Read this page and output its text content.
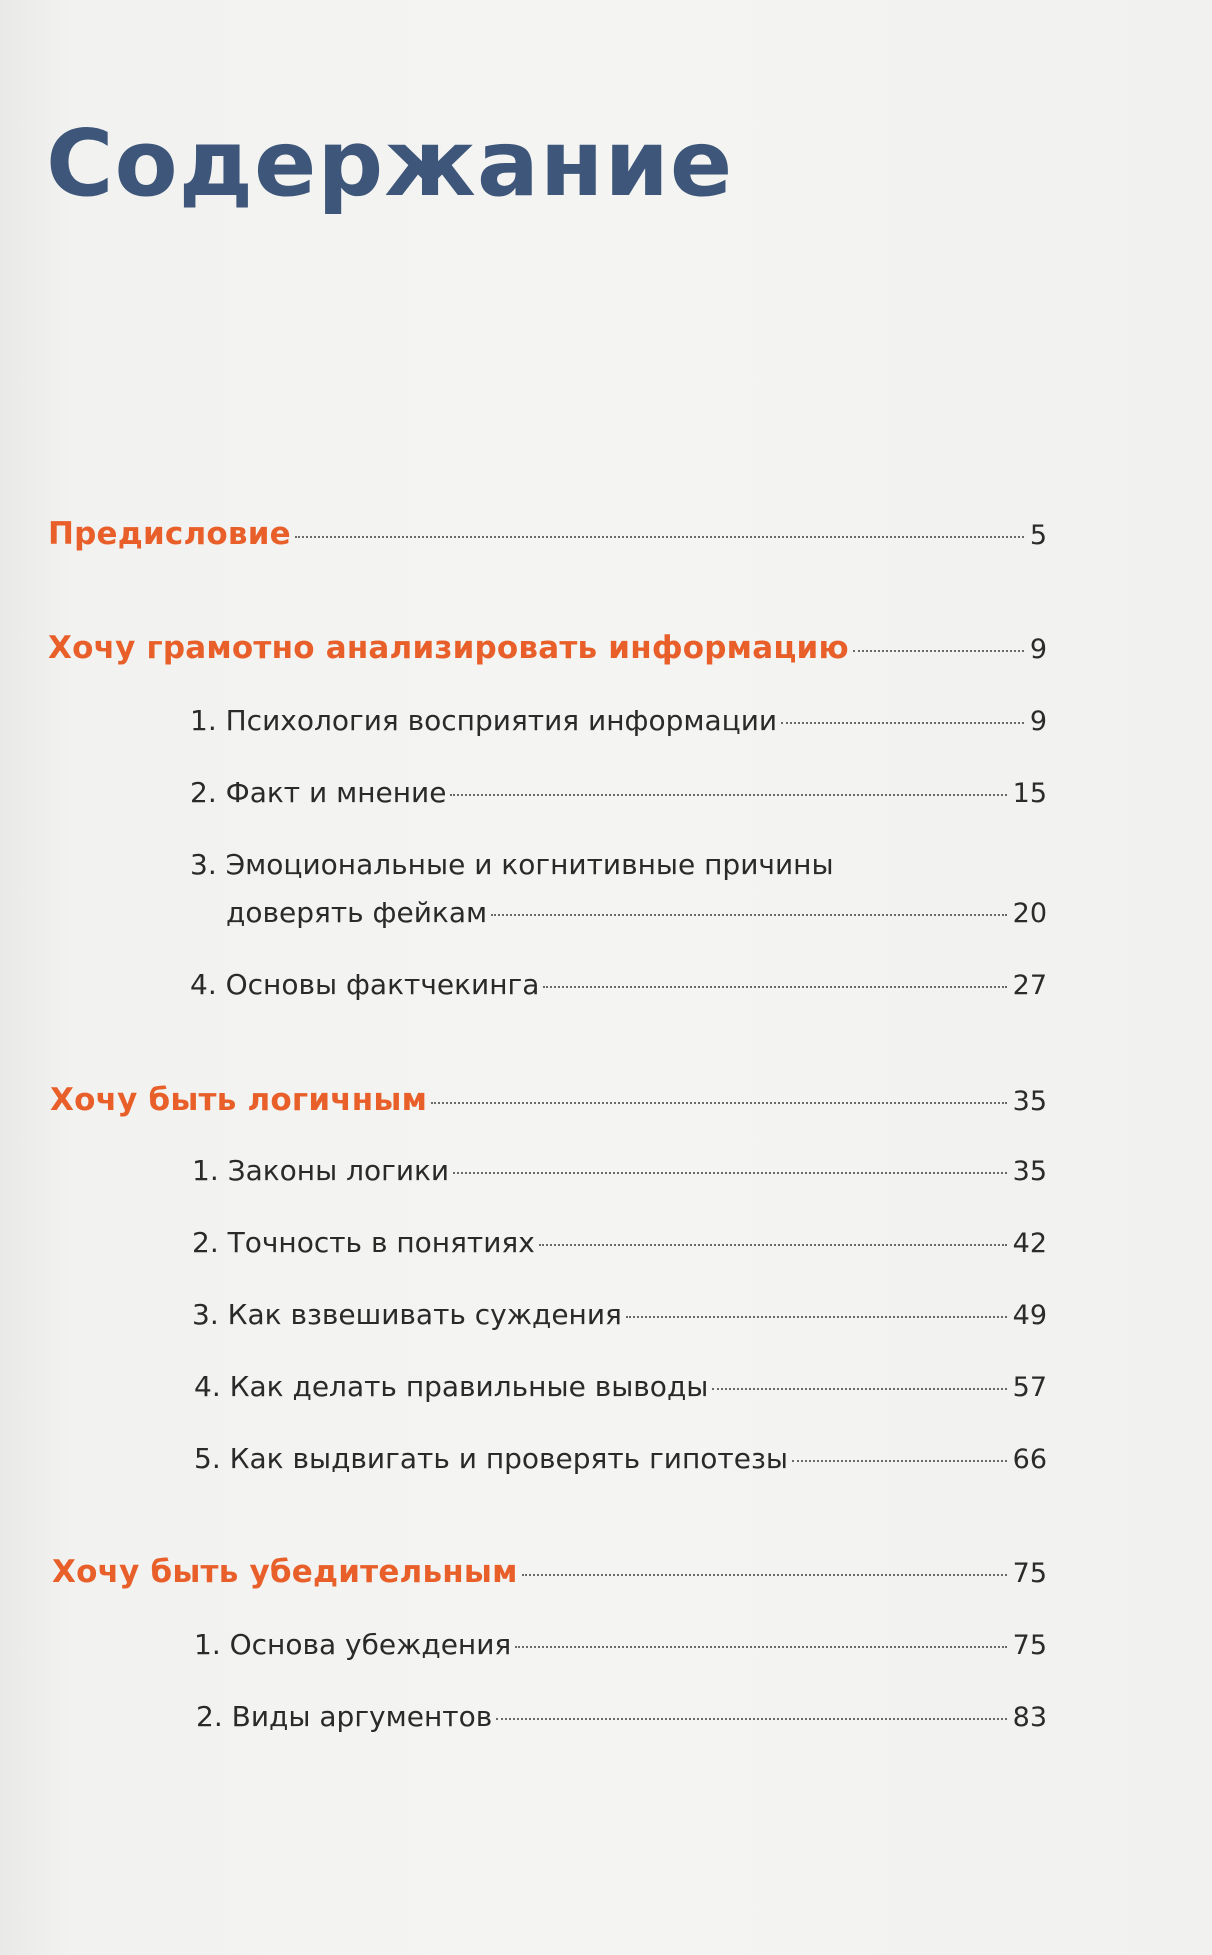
Содержание
Предисловие	5
Хочу грамотно анализировать информацию	9
1. Психология восприятия информации	9
2. Факт и мнение	15
3. Эмоциональные и когнитивные причины
доверять фейкам	20
4. Основы фактчекинга	27
Хочу быть логичным	35
1. Законы логики	35
2. Точность в понятиях	42
3. Как взвешивать суждения	49
4. Как делать правильные выводы	57
5. Как выдвигать и проверять гипотезы	66
Хочу быть убедительным	75
1. Основа убеждения	75
2. Виды аргументов	83
